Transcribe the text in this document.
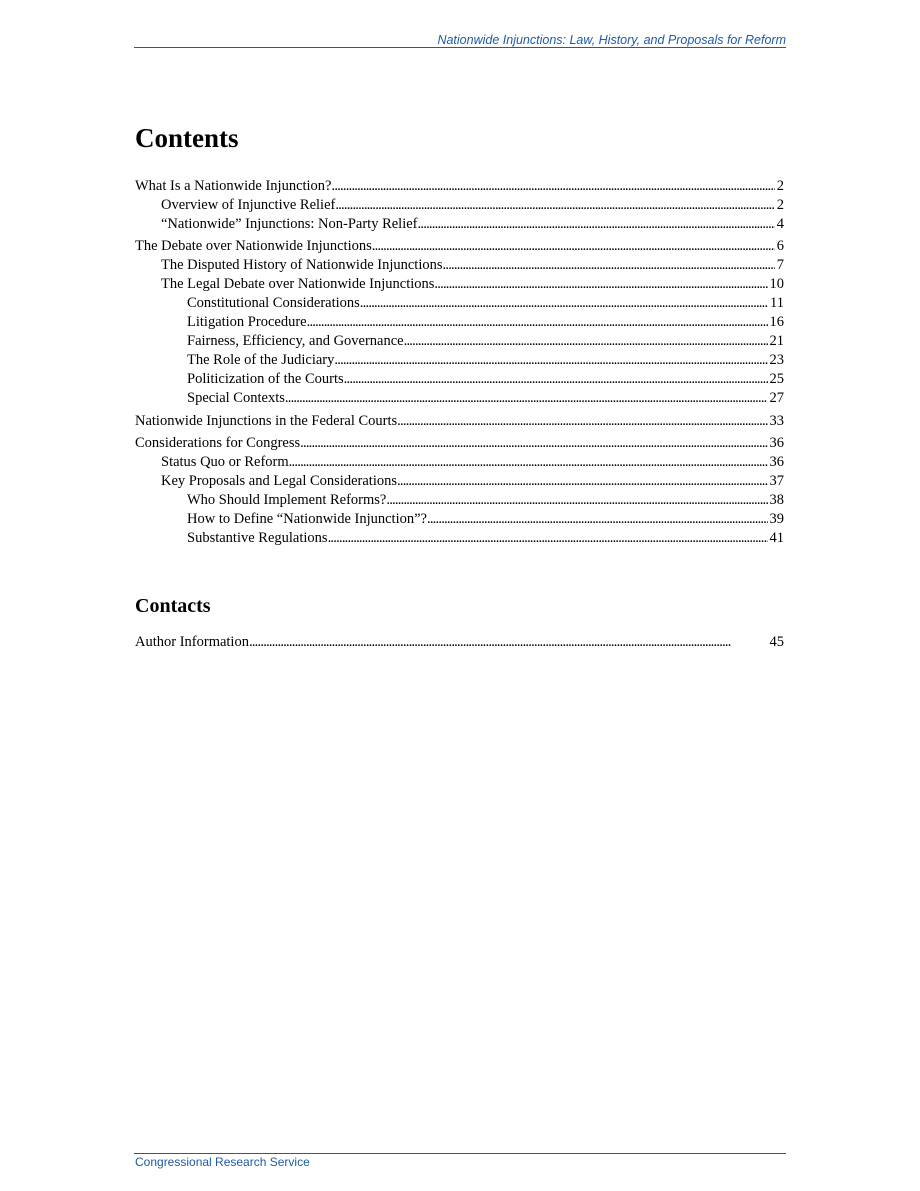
Nationwide Injunctions: Law, History, and Proposals for Reform
Contents
What Is a Nationwide Injunction? . . .	2
Overview of Injunctive Relief . . .	2
“Nationwide” Injunctions: Non-Party Relief . . .	4
The Debate over Nationwide Injunctions . . .	6
The Disputed History of Nationwide Injunctions . . .	7
The Legal Debate over Nationwide Injunctions . . .	10
Constitutional Considerations . . .	11
Litigation Procedure . . .	16
Fairness, Efficiency, and Governance . . .	21
The Role of the Judiciary . . .	23
Politicization of the Courts . . .	25
Special Contexts . . .	27
Nationwide Injunctions in the Federal Courts . . .	33
Considerations for Congress . . .	36
Status Quo or Reform . . .	36
Key Proposals and Legal Considerations . . .	37
Who Should Implement Reforms? . . .	38
How to Define “Nationwide Injunction”? . . .	39
Substantive Regulations . . .	41
Contacts
Author Information . . .	45
Congressional Research Service
